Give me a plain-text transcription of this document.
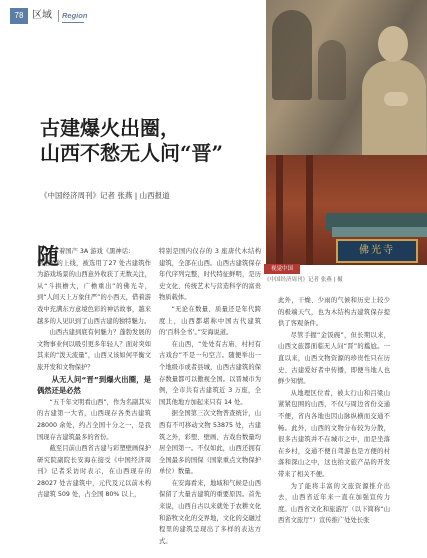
78 区域 Region
佛光寺
视觉中国
《中国经济周刊》记者 张燕 | 摄
古建爆火出圈，
山西不愁无人问“晋”
《中国经济周刊》记者 张燕 | 山西报道
随 着国产 3A 游戏《黑神话：

悟空》的上线，被选用了27 处古建筑作为游戏场景的山西意外收获了无数关注，从“斗拱檐大，广檐重出”的佛光寺，到“人间天上万象住严”的小西天，借着游戏中充满东方意境色彩的神话故事，越来越多的人见识到了山西古建的独特魅力。

山西古建到底有何魅力？蓬勃发展的文物事业何以吸引更多年轻人？面对突如其来的“泼天流量”，山西又该如何平衡文旅开发和文物保护？

从无人问“晋”到爆火出圈，是偶然还是必然

“五千年文明看山西”，作为名副其实的古建第一大省，山西现存各类古建筑 28000 余处，约占全国十分之一，是我国现存古建筑最多的省份。

截至目前山西省古建与彩塑壁画保护研究院副院长安海在接受《中国经济周刊》记者采访时表示，在山西现存的28027 处古建筑中，元代及元以前木构古建筑 509 处，占全国 80% 以上，

特别是国内仅存的 3 座唐代木结构建筑，全部在山西。山西古建筑保存年代序列完整，时代特征鲜明，是历史文化、传统艺术与营造科学的富贵物质载体。

“无论在数量、质量还是年代跨度上，山西都堪称中国古代建筑的‘百科全书’。”安海说道。

在山西，“处处有古庙，村村有古戏台”不是一句空言。随便举出一个地级市或者县城，山西古建筑的保存数量都可以傲视全国。以晋城市为例，全市共有古建筑近 3 万座，全国其他地方加起来只有 14 处。

据全国第三次文物普查统计，山西有不可移动文物 53875 处，古建筑之外，彩塑、壁画、古戏台数量均居全国第一。不仅如此，山西还拥有全国最多的国保（国家重点文物保护单位）数量。

在安海看来，地域和气候是山西保留了大量古建筑的重要原因。首先来说，山西自古以来就处于农耕文化和游牧文化的交界地，文化的交融过程里的建筑呈现出了多样的表达方式。

此外，干燥、少雨的气候和历史上较少的极端天气，也为木结构古建筑保存提供了客观条件。

尽管手握“金饭碗”，但长期以来，山西文旅都面临无人问“晋”的尴尬。一直以来，山西文物资源的珍贵性只在历史、古建爱好者中传播，即便当地人也鲜少知情。

从地理区位看，被太行山和吕梁山紧紧包围的山西，不仅与周边省份交通不便，省内各地也因山脉纵横而交通不畅。此外，山西的文物分布较为分散，很多古建筑并不在城市之中，而是坐落在乡村，交通不便自驾游也是方便的村落和深山之中，这也拍文旅产品的开发带来了相关不便。

为了能将丰富的文旅资源推介出去，山西省近年来一直在加强宣传力度。山西省文化和旅游厅（以下简称“山西省文旅厅”）宣传推广处处长张
